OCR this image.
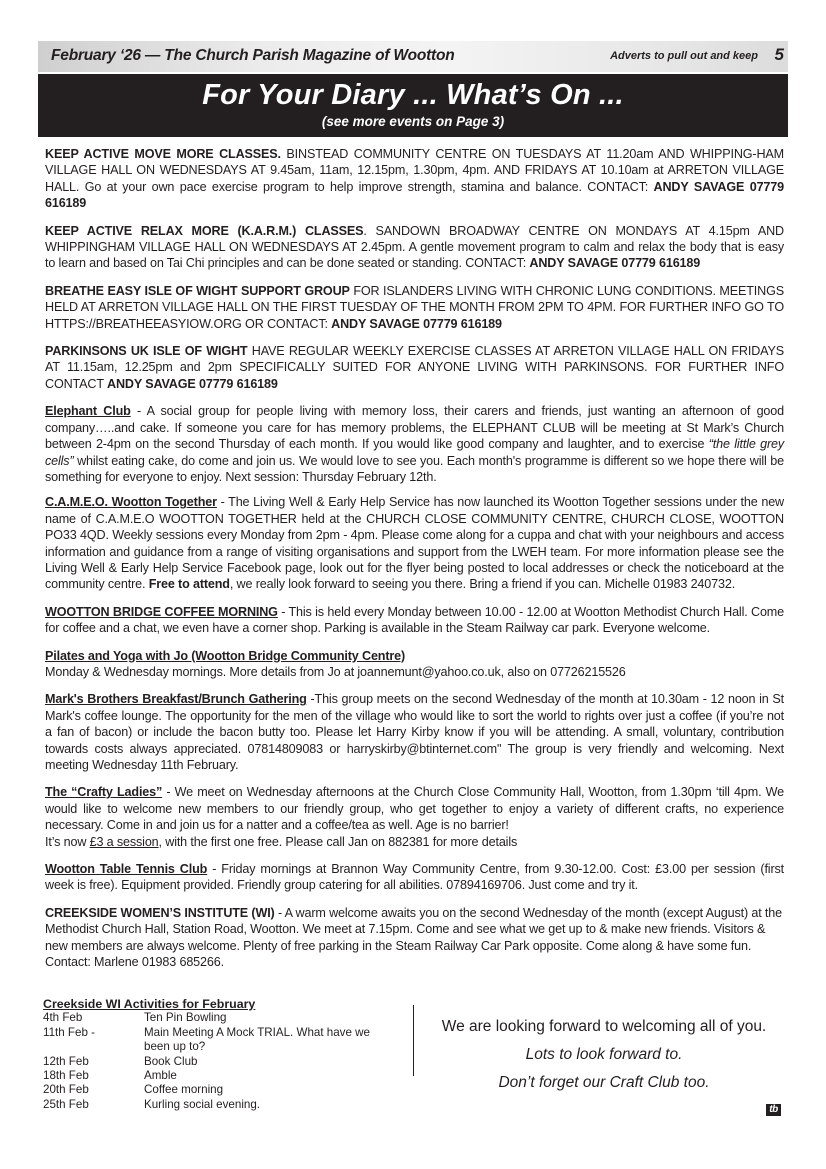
February ‘26 — The Church Parish Magazine of Wootton	Adverts to pull out and keep 5
For Your Diary ... What’s On ...
(see more events on Page 3)

KEEP ACTIVE MOVE MORE CLASSES. BINSTEAD COMMUNITY CENTRE ON TUESDAYS AT 11.20am AND WHIPPING-HAM VILLAGE HALL ON WEDNESDAYS AT 9.45am, 11am, 12.15pm, 1.30pm, 4pm. AND FRIDAYS AT 10.10am at ARRETON VILLAGE HALL. Go at your own pace exercise program to help improve strength, stamina and balance. CONTACT: ANDY SAVAGE 07779 616189

KEEP ACTIVE RELAX MORE (K.A.R.M.) CLASSES. SANDOWN BROADWAY CENTRE ON MONDAYS AT 4.15pm AND WHIPPINGHAM VILLAGE HALL ON WEDNESDAYS AT 2.45pm. A gentle movement program to calm and relax the body that is easy to learn and based on Tai Chi principles and can be done seated or standing. CONTACT: ANDY SAVAGE 07779 616189

BREATHE EASY ISLE OF WIGHT SUPPORT GROUP FOR ISLANDERS LIVING WITH CHRONIC LUNG CONDITIONS. MEETINGS HELD AT ARRETON VILLAGE HALL ON THE FIRST TUESDAY OF THE MONTH FROM 2PM TO 4PM. FOR FURTHER INFO GO TO HTTPS://BREATHEEASYIOW.ORG OR CONTACT: ANDY SAVAGE 07779 616189

PARKINSONS UK ISLE OF WIGHT HAVE REGULAR WEEKLY EXERCISE CLASSES AT ARRETON VILLAGE HALL ON FRIDAYS AT 11.15am, 12.25pm and 2pm SPECIFICALLY SUITED FOR ANYONE LIVING WITH PARKINSONS. FOR FURTHER INFO CONTACT ANDY SAVAGE 07779 616189

Elephant Club - A social group for people living with memory loss, their carers and friends, just wanting an afternoon of good company…..and cake. If someone you care for has memory problems, the ELEPHANT CLUB will be meeting at St Mark’s Church between 2-4pm on the second Thursday of each month. If you would like good company and laughter, and to exercise “the little grey cells” whilst eating cake, do come and join us. We would love to see you. Each month's programme is different so we hope there will be something for everyone to enjoy. Next session: Thursday February 12th.

C.A.M.E.O. Wootton Together - The Living Well & Early Help Service has now launched its Wootton Together sessions under the new name of C.A.M.E.O WOOTTON TOGETHER held at the CHURCH CLOSE COMMUNITY CENTRE, CHURCH CLOSE, WOOTTON PO33 4QD. Weekly sessions every Monday from 2pm - 4pm. Please come along for a cuppa and chat with your neighbours and access information and guidance from a range of visiting organisations and support from the LWEH team. For more information please see the Living Well & Early Help Service Facebook page, look out for the flyer being posted to local addresses or check the noticeboard at the community centre. Free to attend, we really look forward to seeing you there. Bring a friend if you can. Michelle 01983 240732.

WOOTTON BRIDGE COFFEE MORNING - This is held every Monday between 10.00 - 12.00 at Wootton Methodist Church Hall. Come for coffee and a chat, we even have a corner shop. Parking is available in the Steam Railway car park. Everyone welcome.

Pilates and Yoga with Jo (Wootton Bridge Community Centre)
Monday & Wednesday mornings. More details from Jo at joannemunt@yahoo.co.uk, also on 07726215526

Mark's Brothers Breakfast/Brunch Gathering -This group meets on the second Wednesday of the month at 10.30am - 12 noon in St Mark's coffee lounge. The opportunity for the men of the village who would like to sort the world to rights over just a coffee (if you’re not a fan of bacon) or include the bacon butty too. Please let Harry Kirby know if you will be attending. A small, voluntary, contribution towards costs always appreciated. 07814809083 or harryskirby@btinternet.com" The group is very friendly and welcoming. Next meeting Wednesday 11th February.

The “Crafty Ladies” - We meet on Wednesday afternoons at the Church Close Community Hall, Wootton, from 1.30pm ‘till 4pm. We would like to welcome new members to our friendly group, who get together to enjoy a variety of different crafts, no experience necessary. Come in and join us for a natter and a coffee/tea as well. Age is no barrier!
It’s now £3 a session, with the first one free. Please call Jan on 882381 for more details

Wootton Table Tennis Club - Friday mornings at Brannon Way Community Centre, from 9.30-12.00. Cost: £3.00 per session (first week is free). Equipment provided. Friendly group catering for all abilities. 07894169706. Just come and try it.

CREEKSIDE WOMEN’S INSTITUTE (WI) - A warm welcome awaits you on the second Wednesday of the month (except August) at the Methodist Church Hall, Station Road, Wootton. We meet at 7.15pm. Come and see what we get up to & make new friends. Visitors & new members are always welcome. Plenty of free parking in the Steam Railway Car Park opposite. Come along & have some fun. Contact: Marlene 01983 685266.

Creekside WI Activities for February
4th Feb	Ten Pin Bowling
11th Feb -	Main Meeting A Mock TRIAL. What have we been up to?
12th Feb	Book Club
18th Feb	Amble
20th Feb	Coffee morning
25th Feb	Kurling social evening.
We are looking forward to welcoming all of you.
Lots to look forward to.
Don’t forget our Craft Club too.
tb
